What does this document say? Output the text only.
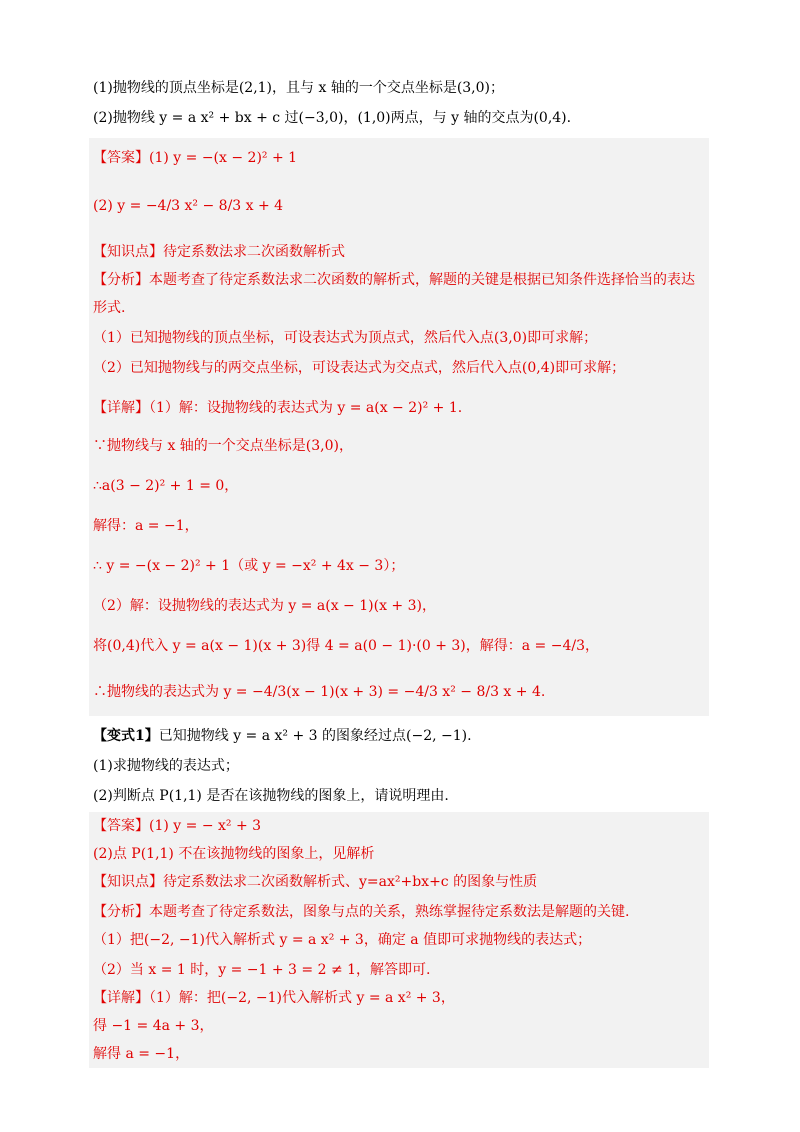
(1)抛物线的顶点坐标是(2,1)，且与 x 轴的一个交点坐标是(3,0)；
(2)抛物线 y = a x² + bx + c 过(−3,0)，(1,0)两点，与 y 轴的交点为(0,4).
【答案】(1) y = −(x − 2)² + 1
(2) y = −4/3 x² − 8/3 x + 4
【知识点】待定系数法求二次函数解析式
【分析】本题考查了待定系数法求二次函数的解析式，解题的关键是根据已知条件选择恰当的表达
形式.
（1）已知抛物线的顶点坐标，可设表达式为顶点式，然后代入点(3,0)即可求解；
（2）已知抛物线与的两交点坐标，可设表达式为交点式，然后代入点(0,4)即可求解；
【详解】（1）解：设抛物线的表达式为 y = a(x − 2)² + 1.
∵抛物线与 x 轴的一个交点坐标是(3,0)，
∴a(3 − 2)² + 1 = 0，
解得：a = −1，
∴ y = −(x − 2)² + 1（或 y = −x² + 4x − 3）；
（2）解：设抛物线的表达式为 y = a(x − 1)(x + 3)，
将(0,4)代入 y = a(x − 1)(x + 3)得 4 = a(0 − 1)·(0 + 3)，解得：a = −4/3，
∴抛物线的表达式为 y = −4/3(x − 1)(x + 3) = −4/3 x² − 8/3 x + 4.
【变式1】已知抛物线 y = a x² + 3 的图象经过点(−2, −1).
(1)求抛物线的表达式；
(2)判断点 P(1,1) 是否在该抛物线的图象上，请说明理由.
【答案】(1) y = − x² + 3
(2)点 P(1,1) 不在该抛物线的图象上，见解析
【知识点】待定系数法求二次函数解析式、y=ax²+bx+c 的图象与性质
【分析】本题考查了待定系数法，图象与点的关系，熟练掌握待定系数法是解题的关键.
（1）把(−2, −1)代入解析式 y = a x² + 3，确定 a 值即可求抛物线的表达式；
（2）当 x = 1 时，y = −1 + 3 = 2 ≠ 1，解答即可.
【详解】（1）解：把(−2, −1)代入解析式 y = a x² + 3，
得 −1 = 4a + 3，
解得 a = −1，
